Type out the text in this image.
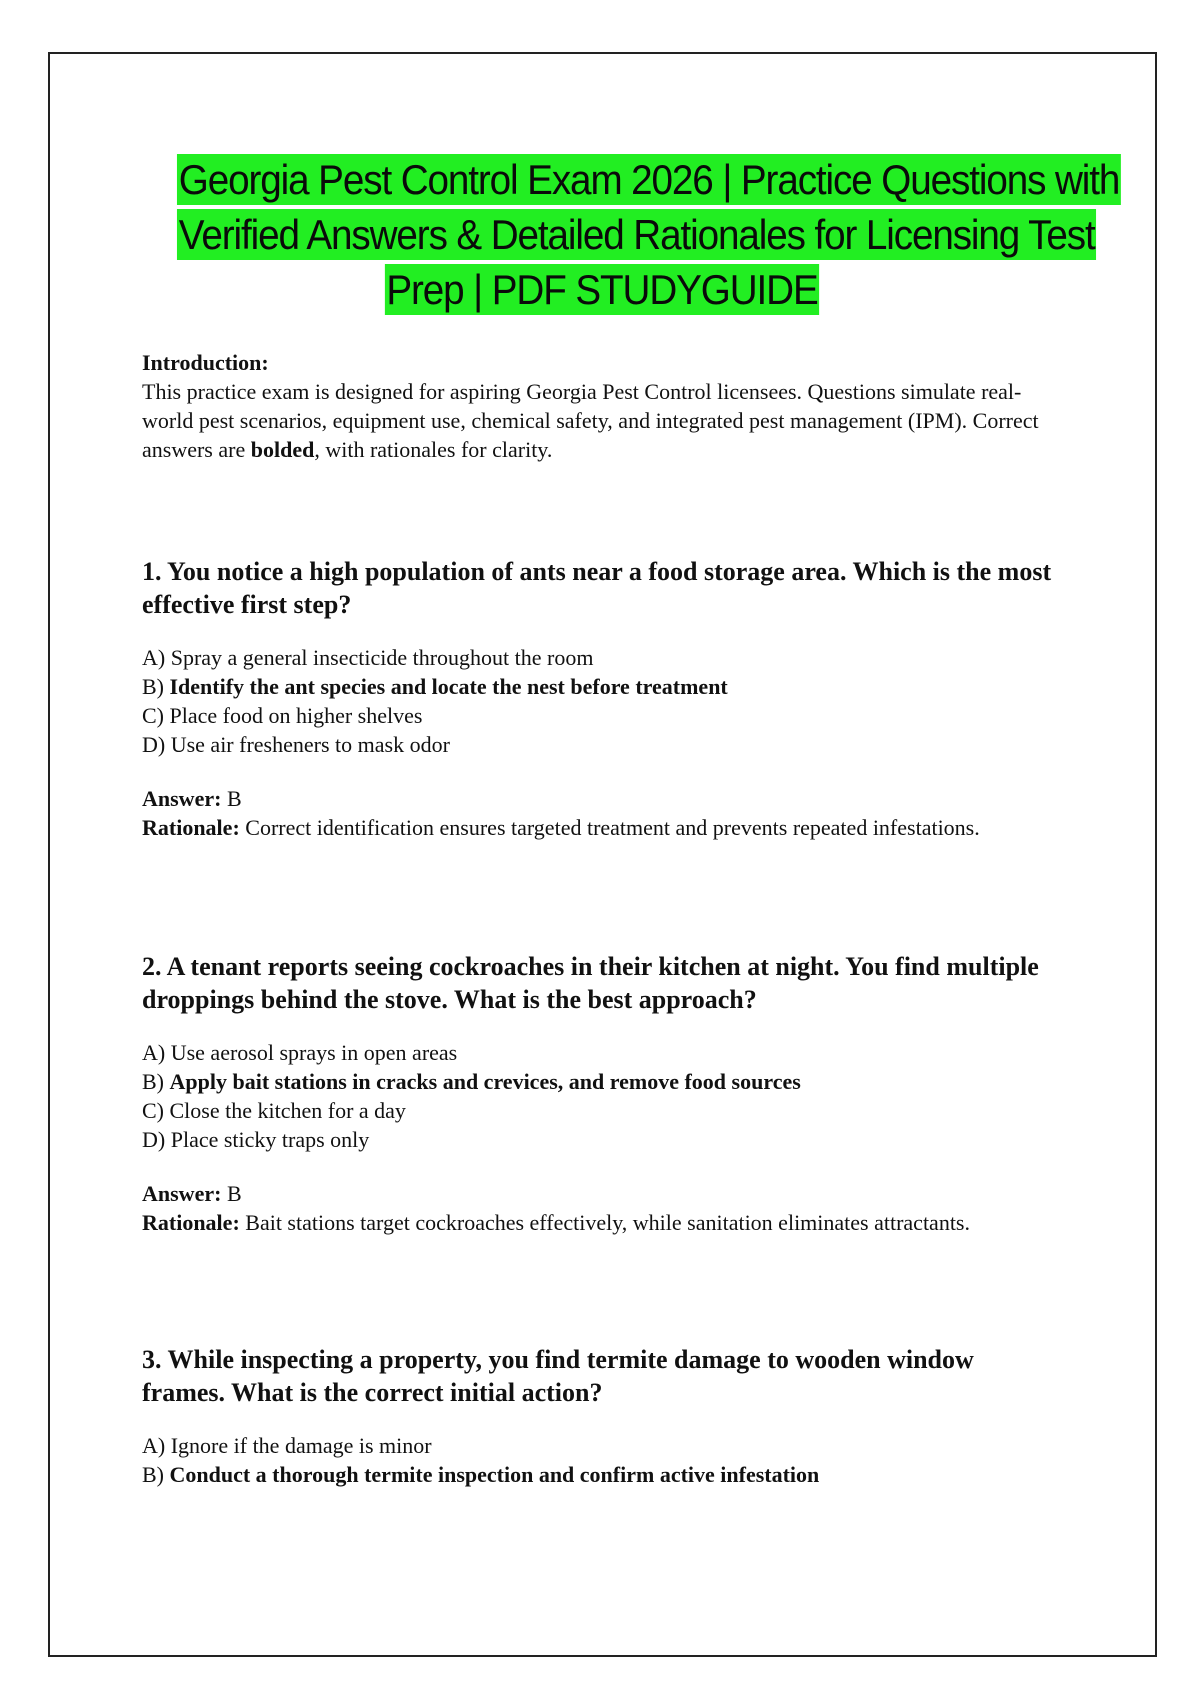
Georgia Pest Control Exam 2026 | Practice Questions with
Verified Answers & Detailed Rationales for Licensing Test
Prep | PDF STUDYGUIDE

Introduction:

This practice exam is designed for aspiring Georgia Pest Control licensees. Questions simulate real-world pest scenarios, equipment use, chemical safety, and integrated pest management (IPM). Correct answers are bolded, with rationales for clarity.

1. You notice a high population of ants near a food storage area. Which is the most effective first step?

A) Spray a general insecticide throughout the room
B) Identify the ant species and locate the nest before treatment
C) Place food on higher shelves
D) Use air fresheners to mask odor

Answer: B

Rationale: Correct identification ensures targeted treatment and prevents repeated infestations.

2. A tenant reports seeing cockroaches in their kitchen at night. You find multiple droppings behind the stove. What is the best approach?

A) Use aerosol sprays in open areas
B) Apply bait stations in cracks and crevices, and remove food sources
C) Close the kitchen for a day
D) Place sticky traps only

Answer: B

Rationale: Bait stations target cockroaches effectively, while sanitation eliminates attractants.

3. While inspecting a property, you find termite damage to wooden window frames. What is the correct initial action?

A) Ignore if the damage is minor
B) Conduct a thorough termite inspection and confirm active infestation
